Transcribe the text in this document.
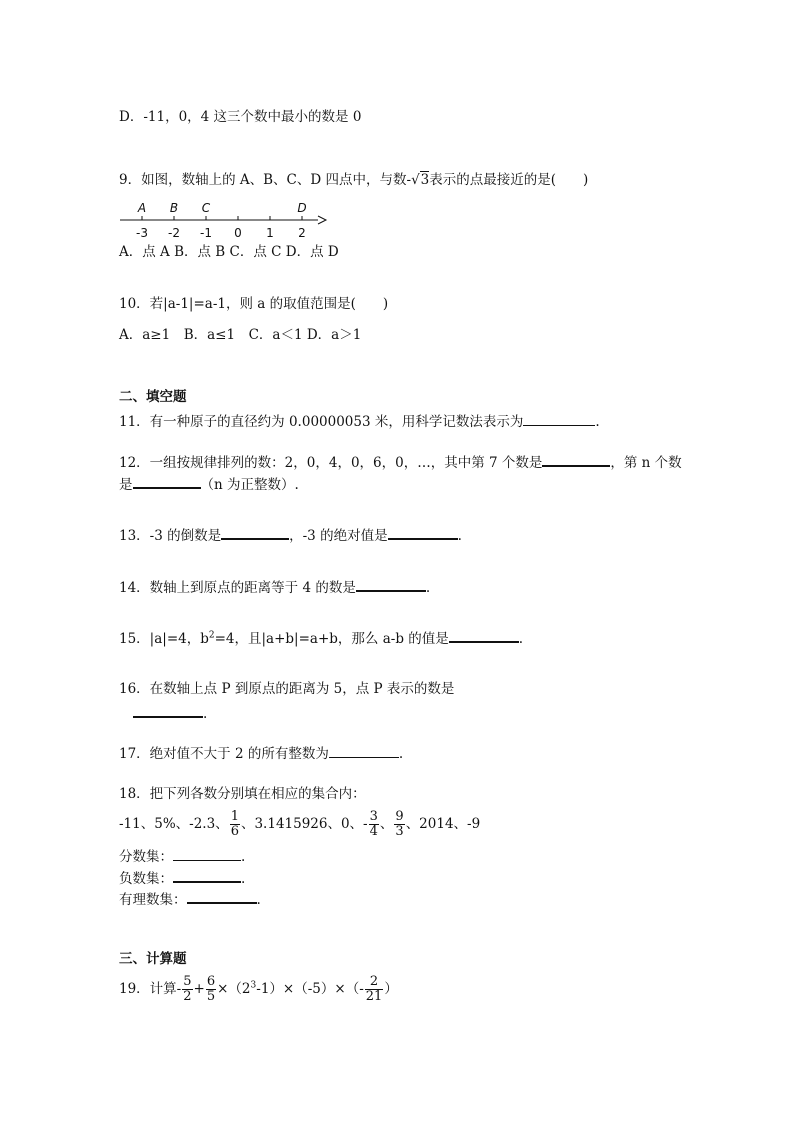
D．-11，0，4 这三个数中最小的数是 0
9．如图，数轴上的 A、B、C、D 四点中，与数-√3表示的点最接近的是(　　)
-3 -2 -1 0 1 2
A B C	D
A．点 A B．点 B C．点 C D．点 D
10．若|a-1|=a-1，则 a 的取值范围是(　　)
A．a≥1　B．a≤1　C．a＜1 D．a＞1
二、填空题
11．有一种原子的直径约为 0.00000053 米，用科学记数法表示为	.
12．一组按规律排列的数：2，0，4，0，6，0，…，其中第 7 个数是	，第 n 个数
是	（n 为正整数）.
13．-3 的倒数是	，-3 的绝对值是	.
14．数轴上到原点的距离等于 4 的数是	.
15．|a|=4，$b^2=4$，且|a+b|=a+b，那么 a-b 的值是	.
16．在数轴上点 P 到原点的距离为 5，点 P 表示的数是
.
17．绝对值不大于 2 的所有整数为	.
18．把下列各数分别填在相应的集合内：
-11、5%、-2.3、 $\frac{1}{6}$ 、3.1415926、0、- $\frac{3}{4}$ 、 $\frac{9}{3}$ 、2014、-9
分数集：	.
负数集：	.
有理数集：	.
三、计算题
19．计算- $\frac{5}{2} + \frac{6}{5} \times(2^3-1)\times(-5)\times(- \frac{2}{21}$ ）
